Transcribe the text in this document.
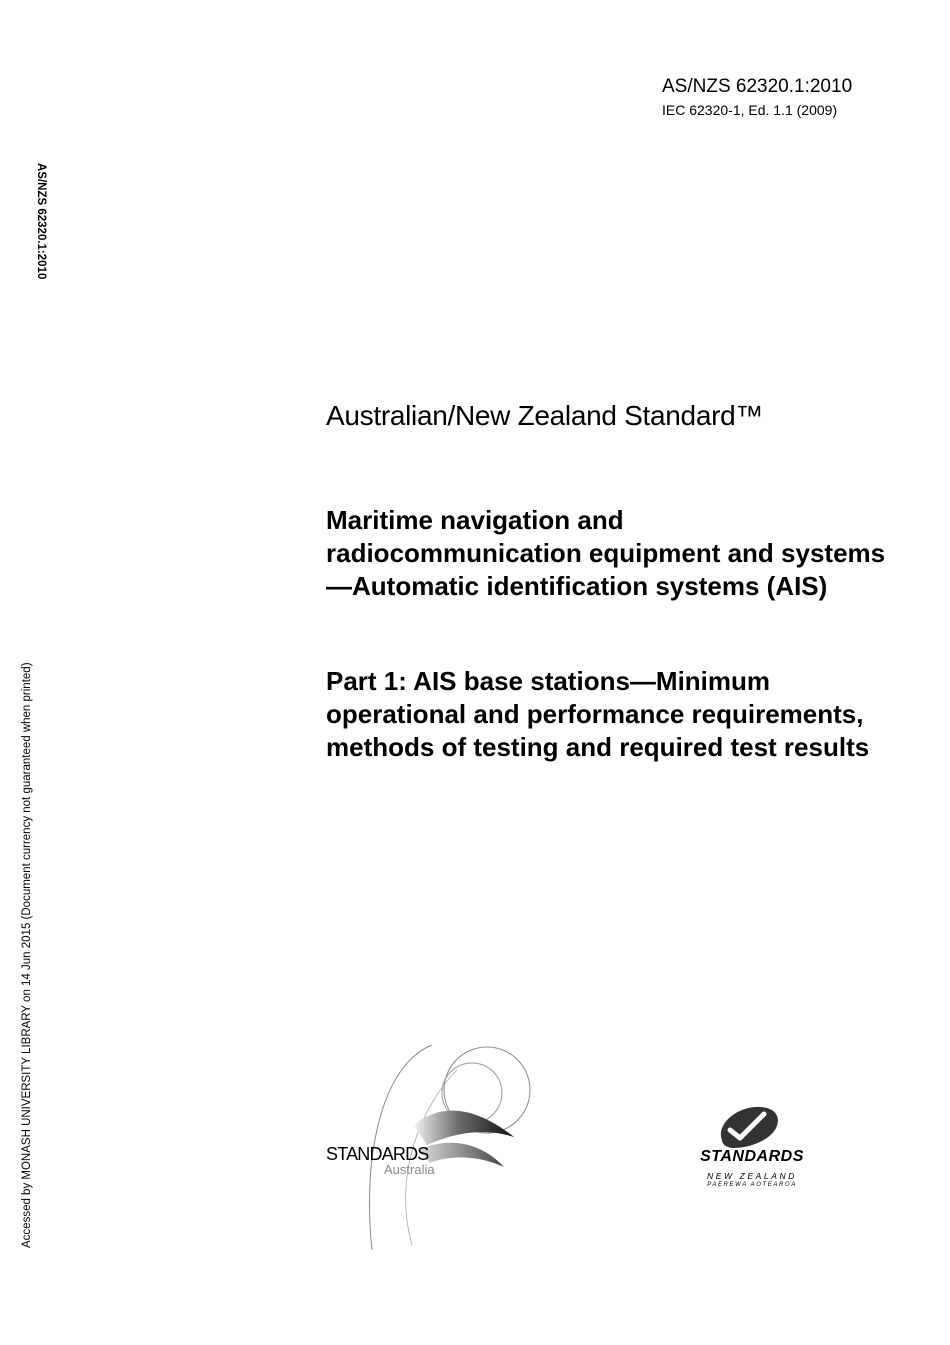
AS/NZS 62320.1:2010
IEC 62320-1, Ed. 1.1 (2009)
AS/NZS 62320.1:2010
Accessed by MONASH UNIVERSITY LIBRARY on 14 Jun 2015 (Document currency not guaranteed when printed)
Australian/New Zealand Standard™
Maritime navigation and radiocommunication equipment and systems—Automatic identification systems (AIS)
Part 1: AIS base stations—Minimum operational and performance requirements, methods of testing and required test results
STANDARDS
Australia
STANDARDS
NEW ZEALAND
PAEREWA AOTEAROA
